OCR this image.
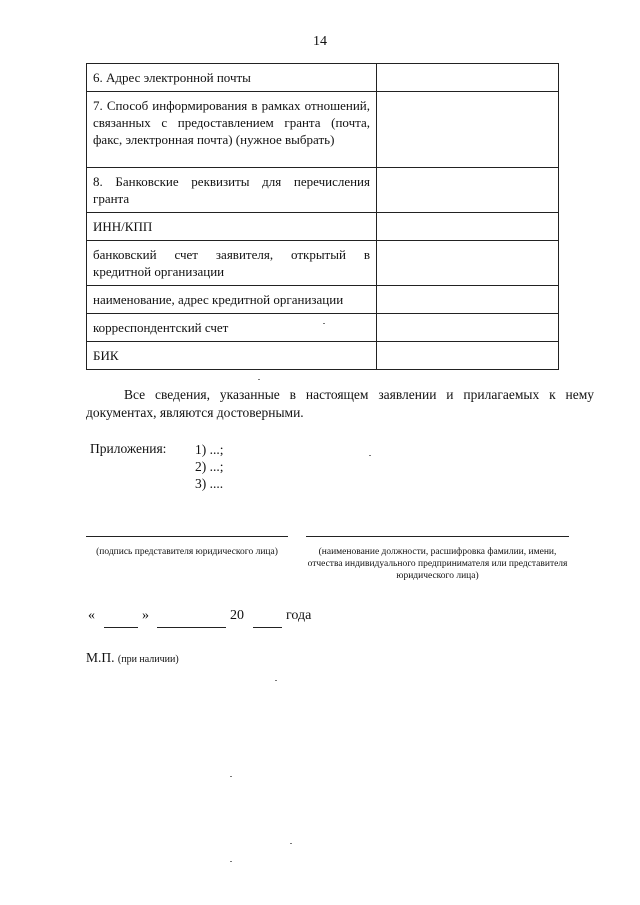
14
6. Адрес электронной почты	
7. Способ информирования в рамках отношений, связанных с предоставлением гранта (почта, факс, электронная почта) (нужное выбрать)	
8. Банковские реквизиты для перечисления гранта	
ИНН/КПП	
банковский счет заявителя, открытый в кредитной организации	
наименование, адрес кредитной организации	
корреспондентский счет	
БИК	
Все сведения, указанные в настоящем заявлении и прилагаемых к нему документах, являются достоверными.
Приложения: 1) ...;
2) ...;
3) ....
(подпись представителя юридического лица)	(наименование должности, расшифровка фамилии, имени, отчества индивидуального предпринимателя или представителя юридического лица)
«	»	20	года
М.П. (при наличии)
